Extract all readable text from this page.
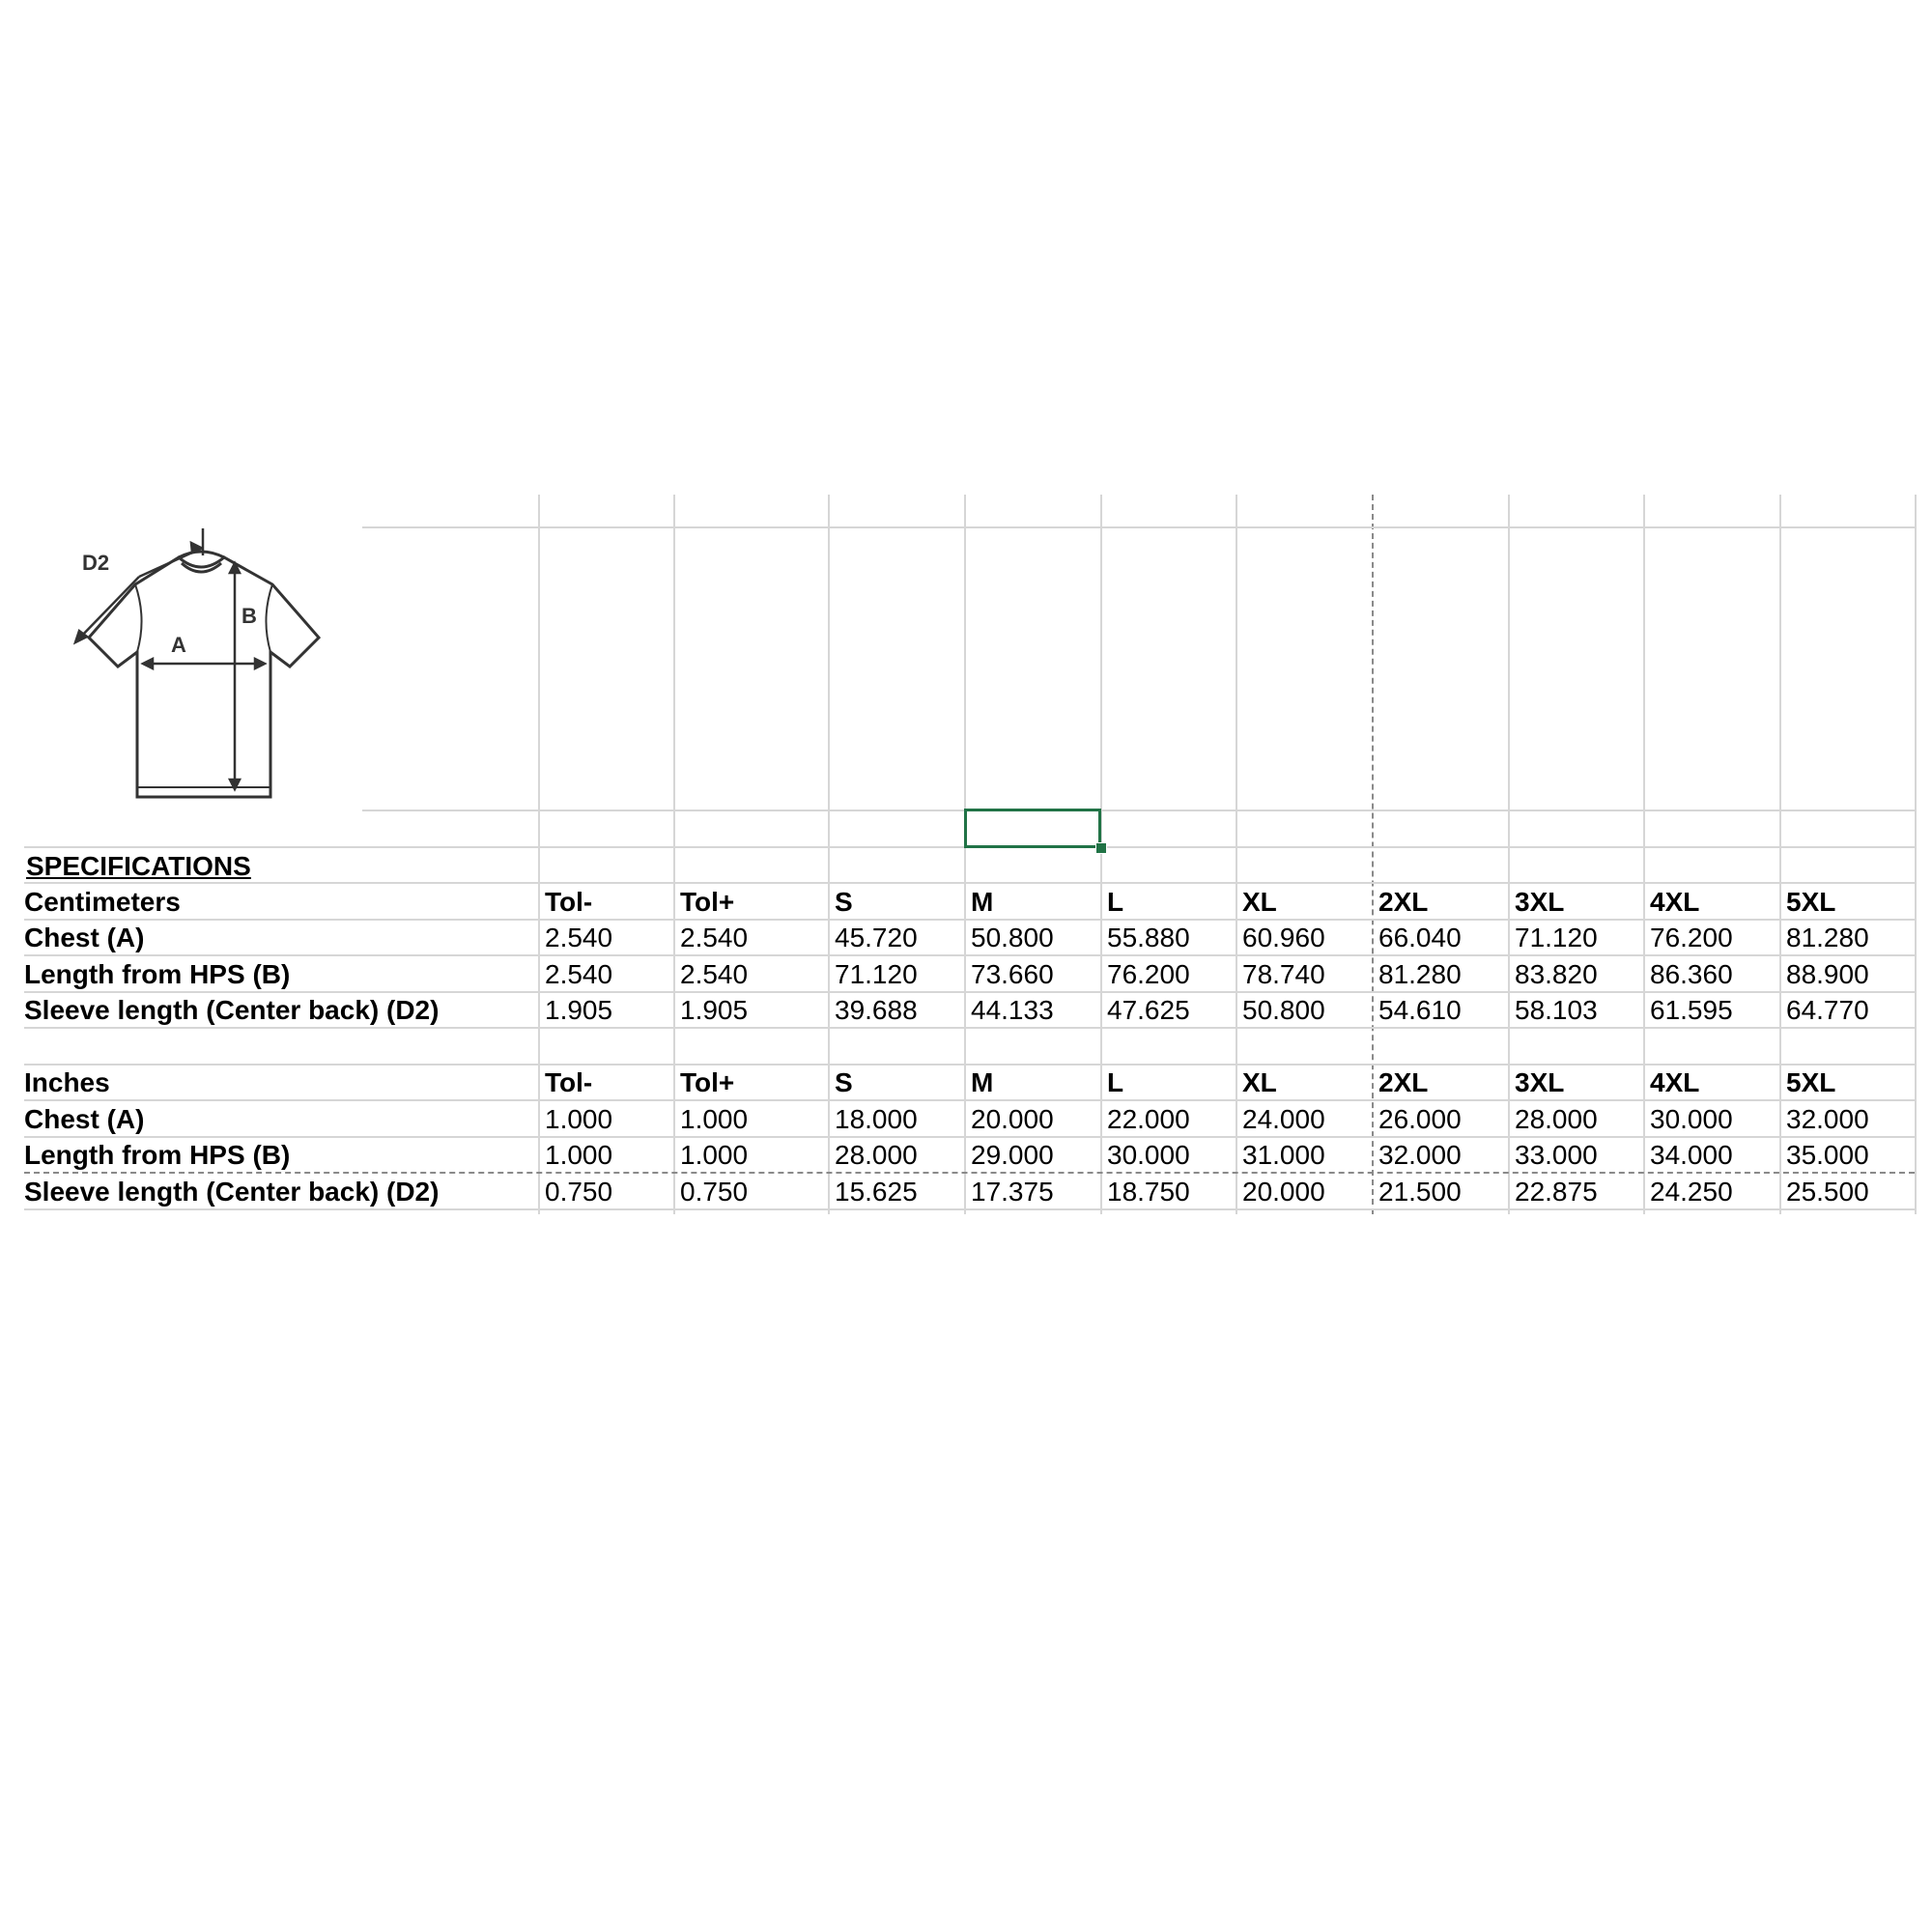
D2
A
B
SPECIFICATIONS
Centimeters	Tol-	Tol+	S	M	L	XL	2XL	3XL	4XL	5XL
Chest (A)	2.540 2.540	45.720 50.800 55.880 60.960 66.040 71.120 76.200 81.280
Length from HPS (B)	2.540 2.540	71.120 73.660 76.200 78.740 81.280 83.820 86.360 88.900
Sleeve length (Center back) (D2)	1.905 1.905	39.688 44.133 47.625 50.800 54.610 58.103 61.595 64.770
Inches	Tol-	Tol+	S	M	L	XL	2XL	3XL	4XL	5XL
Chest (A)	1.000 1.000	18.000 20.000 22.000 24.000 26.000 28.000 30.000 32.000
Length from HPS (B)	1.000 1.000	28.000 29.000 30.000 31.000 32.000 33.000 34.000 35.000
Sleeve length (Center back) (D2)	0.750 0.750	15.625 17.375 18.750 20.000 21.500 22.875 24.250 25.500
